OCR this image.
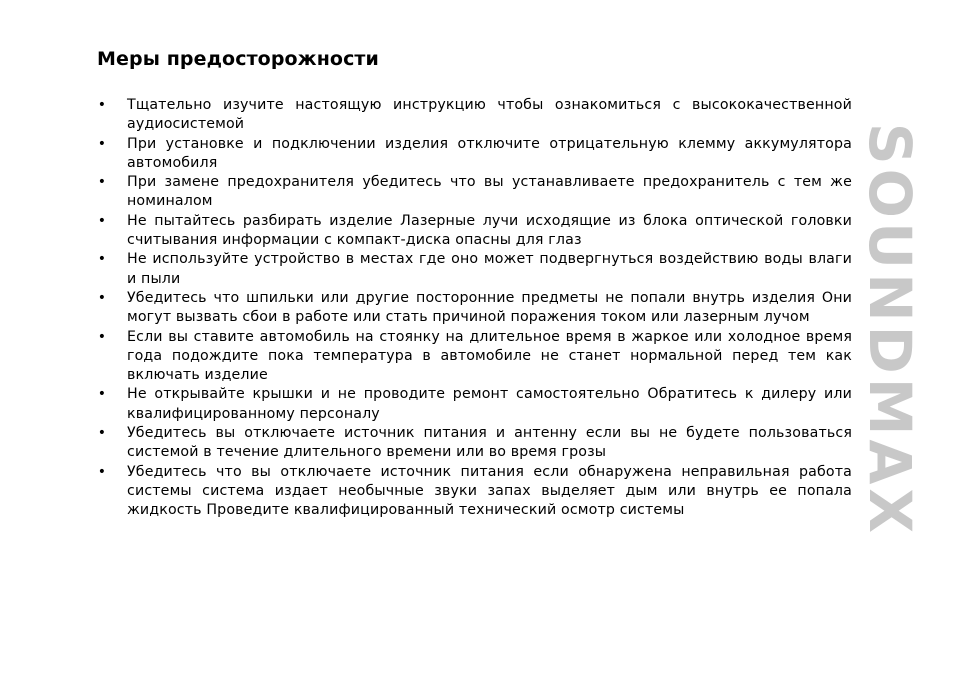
Меры предосторожности
• Тщательно изучите настоящую инструкцию чтобы ознакомиться с высококачественной аудиосистемой
• При установке и подключении изделия отключите отрицательную клемму аккумулятора автомобиля
• При замене предохранителя убедитесь что вы устанавливаете предохранитель с тем же номиналом
• Не пытайтесь разбирать изделие Лазерные лучи исходящие из блока оптической головки считывания информации с компакт-диска опасны для глаз
• Не используйте устройство в местах где оно может подвергнуться воздействию воды влаги и пыли
• Убедитесь что шпильки или другие посторонние предметы не попали внутрь изделия Они могут вызвать сбои в работе или стать причиной поражения током или лазерным лучом
• Если вы ставите автомобиль на стоянку на длительное время в жаркое или холодное время года подождите пока температура в автомобиле не станет нормальной перед тем как включать изделие
• Не открывайте крышки и не проводите ремонт самостоятельно Обратитесь к дилеру или квалифицированному персоналу
• Убедитесь вы отключаете источник питания и антенну если вы не будете пользоваться системой в течение длительного времени или во время грозы
• Убедитесь что вы отключаете источник питания если обнаружена неправильная работа системы система издает необычные звуки запах выделяет дым или внутрь ее попала жидкость Проведите квалифицированный технический осмотр системы	SOUNDMAX
